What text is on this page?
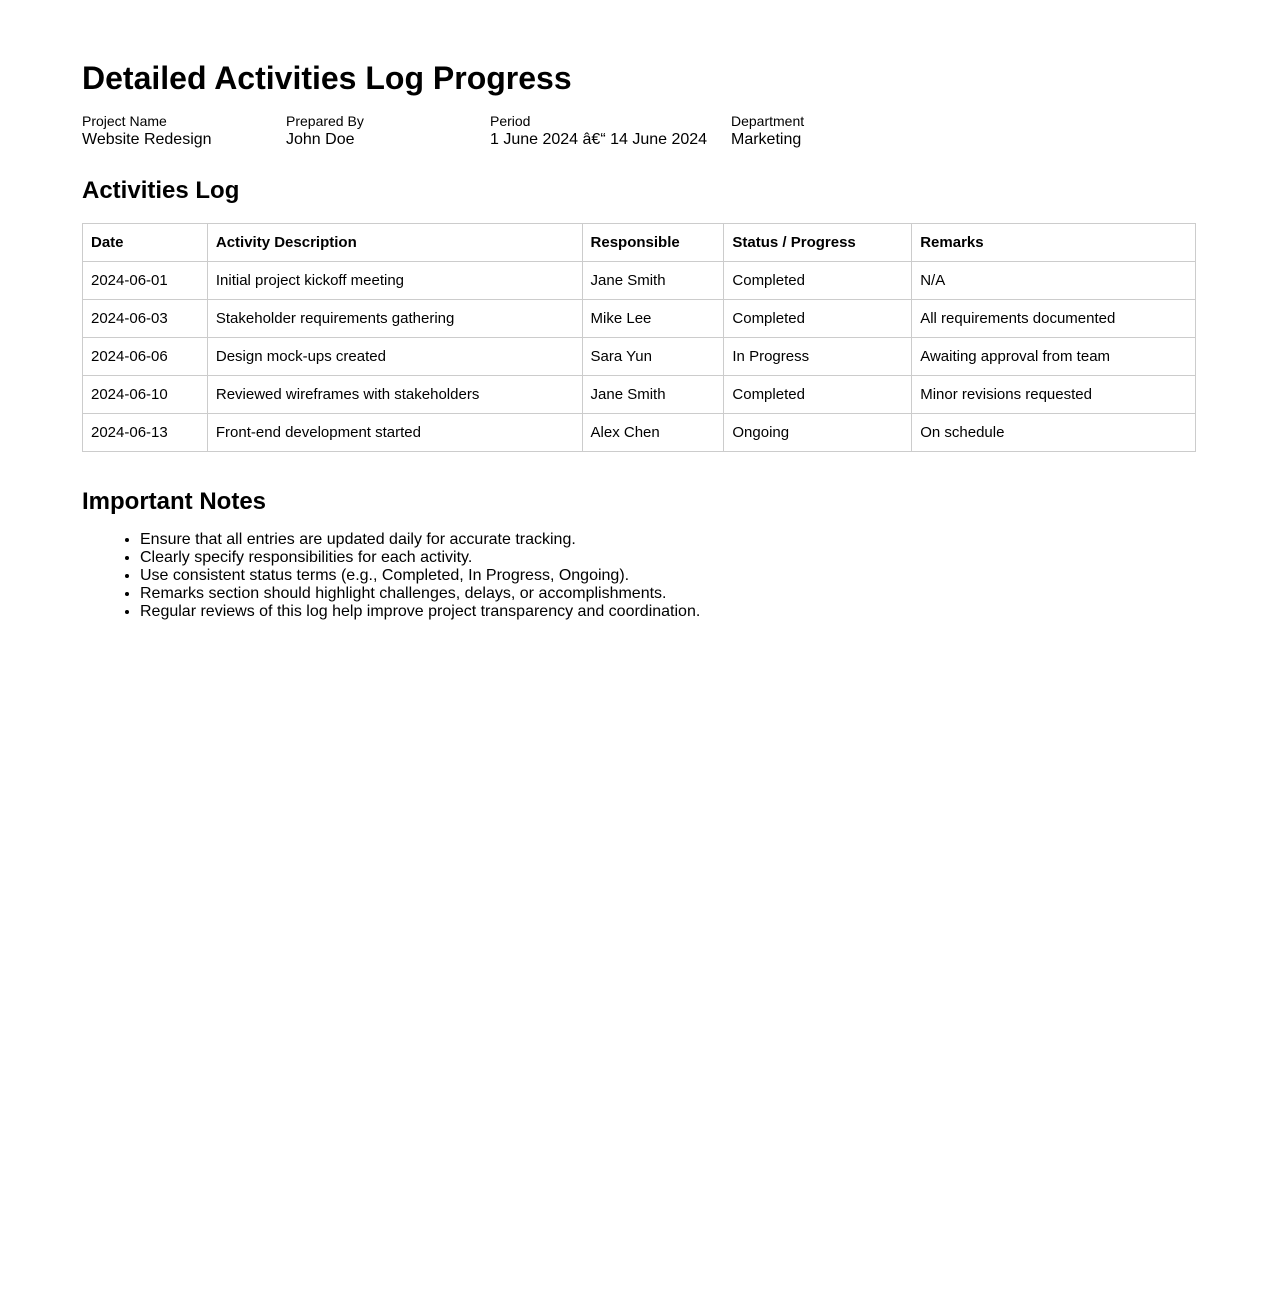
Detailed Activities Log Progress
Project Name
Website Redesign
Prepared By
John Doe
Period
1 June 2024 â€“ 14 June 2024
Department
Marketing
Activities Log
Date	Activity Description	Responsible	Status / Progress	Remarks
2024-06-01	Initial project kickoff meeting	Jane Smith	Completed	N/A
2024-06-03	Stakeholder requirements gathering	Mike Lee	Completed	All requirements documented
2024-06-06	Design mock-ups created	Sara Yun	In Progress	Awaiting approval from team
2024-06-10	Reviewed wireframes with stakeholders	Jane Smith	Completed	Minor revisions requested
2024-06-13	Front-end development started	Alex Chen	Ongoing	On schedule
Important Notes
• Ensure that all entries are updated daily for accurate tracking.
• Clearly specify responsibilities for each activity.
• Use consistent status terms (e.g., Completed, In Progress, Ongoing).
• Remarks section should highlight challenges, delays, or accomplishments.
• Regular reviews of this log help improve project transparency and coordination.
